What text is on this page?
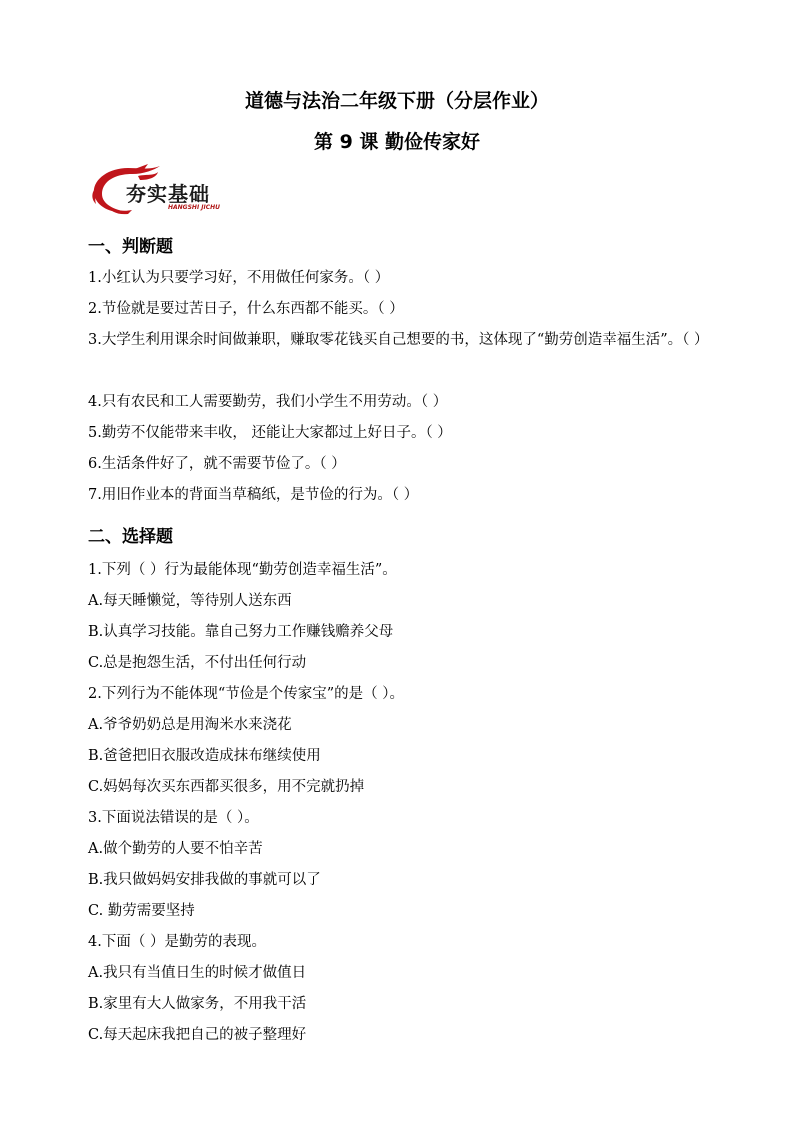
道德与法治二年级下册（分层作业）
第 9 课 勤俭传家好
夯实基础
HANGSHI JICHU
一、判断题
1.小红认为只要学习好，不用做任何家务。（ ）
2.节俭就是要过苦日子，什么东西都不能买。（ ）
3.大学生利用课余时间做兼职，赚取零花钱买自己想要的书，这体现了“勤劳创造幸福生活”。（ ）
4.只有农民和工人需要勤劳，我们小学生不用劳动。（ ）
5.勤劳不仅能带来丰收， 还能让大家都过上好日子。（ ）
6.生活条件好了，就不需要节俭了。（ ）
7.用旧作业本的背面当草稿纸，是节俭的行为。（ ）
二、选择题
1.下列（ ）行为最能体现“勤劳创造幸福生活”。
A.每天睡懒觉，等待别人送东西
B.认真学习技能。靠自己努力工作赚钱赡养父母
C.总是抱怨生活，不付出任何行动
2.下列行为不能体现“节俭是个传家宝”的是（ ）。
A.爷爷奶奶总是用淘米水来浇花
B.爸爸把旧衣服改造成抹布继续使用
C.妈妈每次买东西都买很多，用不完就扔掉
3.下面说法错误的是（ ）。
A.做个勤劳的人要不怕辛苦
B.我只做妈妈安排我做的事就可以了
C. 勤劳需要坚持
4.下面（ ）是勤劳的表现。
A.我只有当值日生的时候才做值日
B.家里有大人做家务，不用我干活
C.每天起床我把自己的被子整理好
